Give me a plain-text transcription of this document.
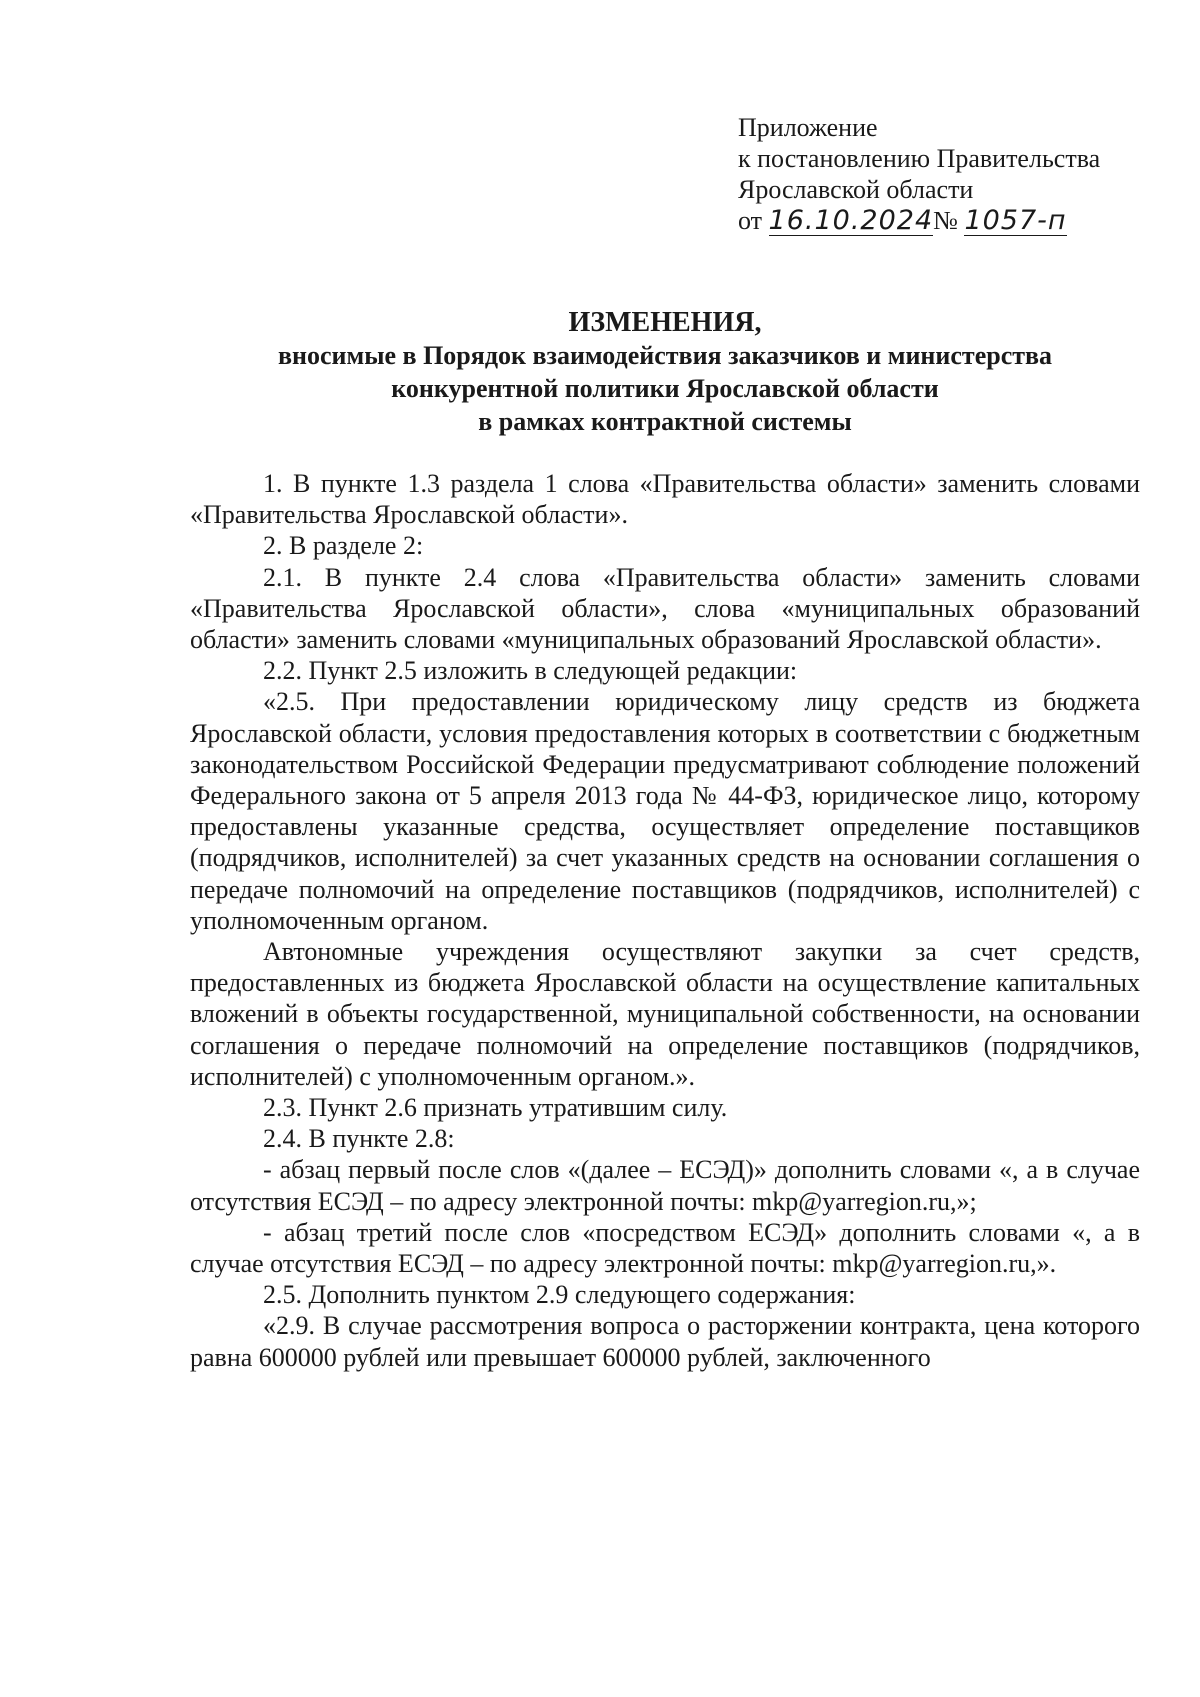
Приложение
к постановлению Правительства
Ярославской области
от 16.10.2024№ 1057-п
ИЗМЕНЕНИЯ,
вносимые в Порядок взаимодействия заказчиков и министерства
конкурентной политики Ярославской области
в рамках контрактной системы

1. В пункте 1.3 раздела 1 слова «Правительства области» заменить словами «Правительства Ярославской области».

2. В разделе 2:

2.1. В пункте 2.4 слова «Правительства области» заменить словами «Правительства Ярославской области», слова «муниципальных образований области» заменить словами «муниципальных образований Ярославской области».

2.2. Пункт 2.5 изложить в следующей редакции:

«2.5. При предоставлении юридическому лицу средств из бюджета Ярославской области, условия предоставления которых в соответствии с бюджетным законодательством Российской Федерации предусматривают соблюдение положений Федерального закона от 5 апреля 2013 года № 44-ФЗ, юридическое лицо, которому предоставлены указанные средства, осуществляет определение поставщиков (подрядчиков, исполнителей) за счет указанных средств на основании соглашения о передаче полномочий на определение поставщиков (подрядчиков, исполнителей) с уполномоченным органом.

Автономные учреждения осуществляют закупки за счет средств, предоставленных из бюджета Ярославской области на осуществление капитальных вложений в объекты государственной, муниципальной собственности, на основании соглашения о передаче полномочий на определение поставщиков (подрядчиков, исполнителей) с уполномоченным органом.».

2.3. Пункт 2.6 признать утратившим силу.

2.4. В пункте 2.8:

- абзац первый после слов «(далее – ЕСЭД)» дополнить словами «, а в случае отсутствия ЕСЭД – по адресу электронной почты: mkp@yarregion.ru,»;

- абзац третий после слов «посредством ЕСЭД» дополнить словами «, а в случае отсутствия ЕСЭД – по адресу электронной почты: mkp@yarregion.ru,».

2.5. Дополнить пунктом 2.9 следующего содержания:

«2.9. В случае рассмотрения вопроса о расторжении контракта, цена которого равна 600000 рублей или превышает 600000 рублей, заключенного
